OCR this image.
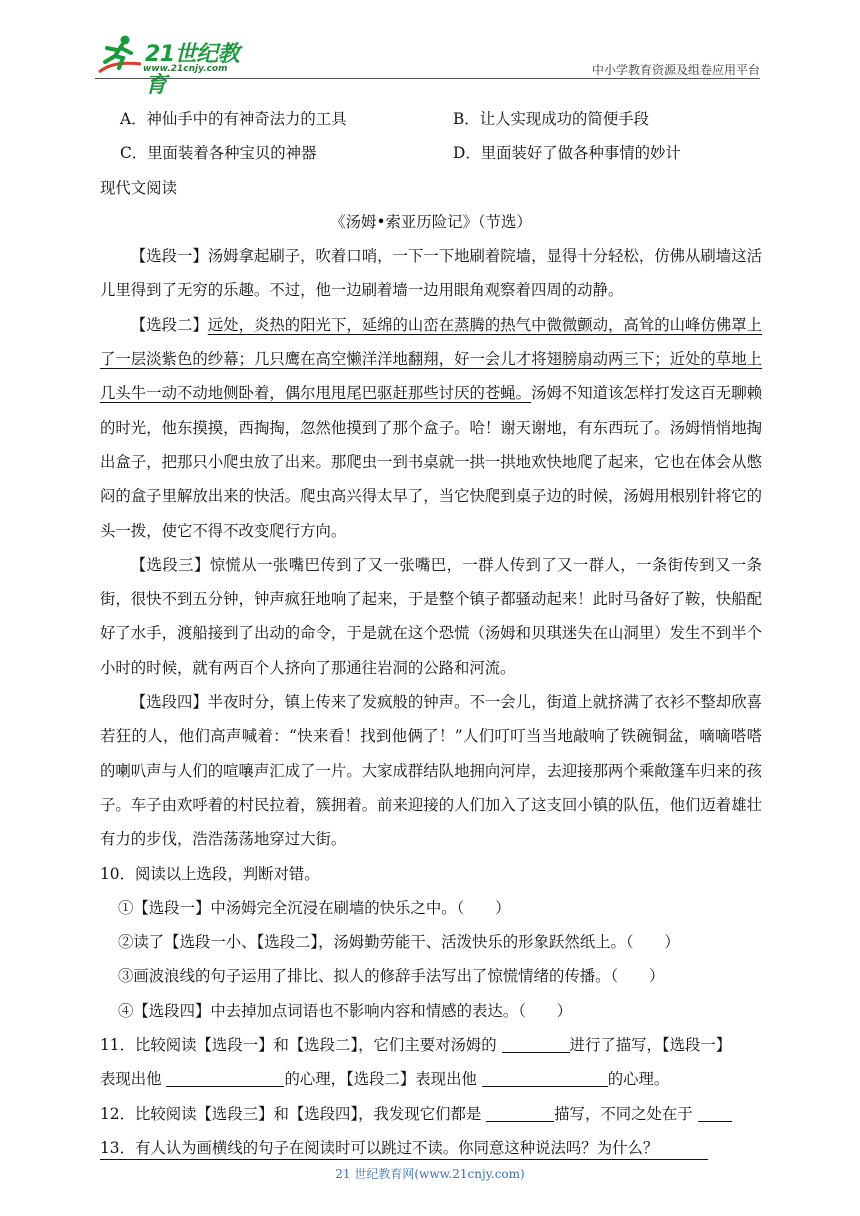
21世纪教育
www.21cnjy.com	中小学教育资源及组卷应用平台
A．神仙手中的有神奇法力的工具	B．让人实现成功的简便手段
C．里面装着各种宝贝的神器	D．里面装好了做各种事情的妙计
现代文阅读
《汤姆•索亚历险记》（节选）
【选段一】汤姆拿起刷子，吹着口哨，一下一下地刷着院墙，显得十分轻松，仿佛从刷墙这活儿里得到了无穷的乐趣。不过，他一边刷着墙一边用眼角观察着四周的动静。
【选段二】远处，炎热的阳光下，延绵的山峦在蒸腾的热气中微微颤动，高耸的山峰仿佛罩上了一层淡紫色的纱幕；几只鹰在高空懒洋洋地翻翔，好一会儿才将翅膀扇动两三下；近处的草地上几头牛一动不动地侧卧着，偶尔甩甩尾巴驱赶那些讨厌的苍蝇。汤姆不知道该怎样打发这百无聊赖的时光，他东摸摸，西掏掏，忽然他摸到了那个盒子。哈！谢天谢地，有东西玩了。汤姆悄悄地掏出盒子，把那只小爬虫放了出来。那爬虫一到书桌就一拱一拱地欢快地爬了起来，它也在体会从憋闷的盒子里解放出来的快活。爬虫高兴得太早了，当它快爬到桌子边的时候，汤姆用根别针将它的头一拨，使它不得不改变爬行方向。
【选段三】惊慌从一张嘴巴传到了又一张嘴巴，一群人传到了又一群人，一条街传到又一条街，很快不到五分钟，钟声疯狂地响了起来，于是整个镇子都骚动起来！此时马备好了鞍，快船配好了水手，渡船接到了出动的命令，于是就在这个恐慌（汤姆和贝琪迷失在山洞里）发生不到半个小时的时候，就有两百个人挤向了那通往岩洞的公路和河流。
【选段四】半夜时分，镇上传来了发疯般的钟声。不一会儿，街道上就挤满了衣衫不整却欣喜若狂的人，他们高声喊着：“快来看！找到他俩了！”人们叮叮当当地敲响了铁碗铜盆，嘀嘀嗒嗒的喇叭声与人们的喧嚷声汇成了一片。大家成群结队地拥向河岸，去迎接那两个乘敞篷车归来的孩子。车子由欢呼着的村民拉着，簇拥着。前来迎接的人们加入了这支回小镇的队伍，他们迈着雄壮有力的步伐，浩浩荡荡地穿过大街。
10．阅读以上选段，判断对错。
①【选段一】中汤姆完全沉浸在刷墙的快乐之中。（　　）
②读了【选段一小、【选段二】，汤姆勤劳能干、活泼快乐的形象跃然纸上。（　　）
③画波浪线的句子运用了排比、拟人的修辞手法写出了惊慌情绪的传播。（　　）
④【选段四】中去掉加点词语也不影响内容和情感的表达。（　　）
11．比较阅读【选段一】和【选段二】，它们主要对汤姆的	进行了描写，【选段一】
表现出他	的心理，【选段二】表现出他	的心理。
12．比较阅读【选段三】和【选段四】，我发现它们都是	描写，不同之处在于
13．有人认为画横线的句子在阅读时可以跳过不读。你同意这种说法吗？为什么？
21 世纪教育网(www.21cnjy.com)
